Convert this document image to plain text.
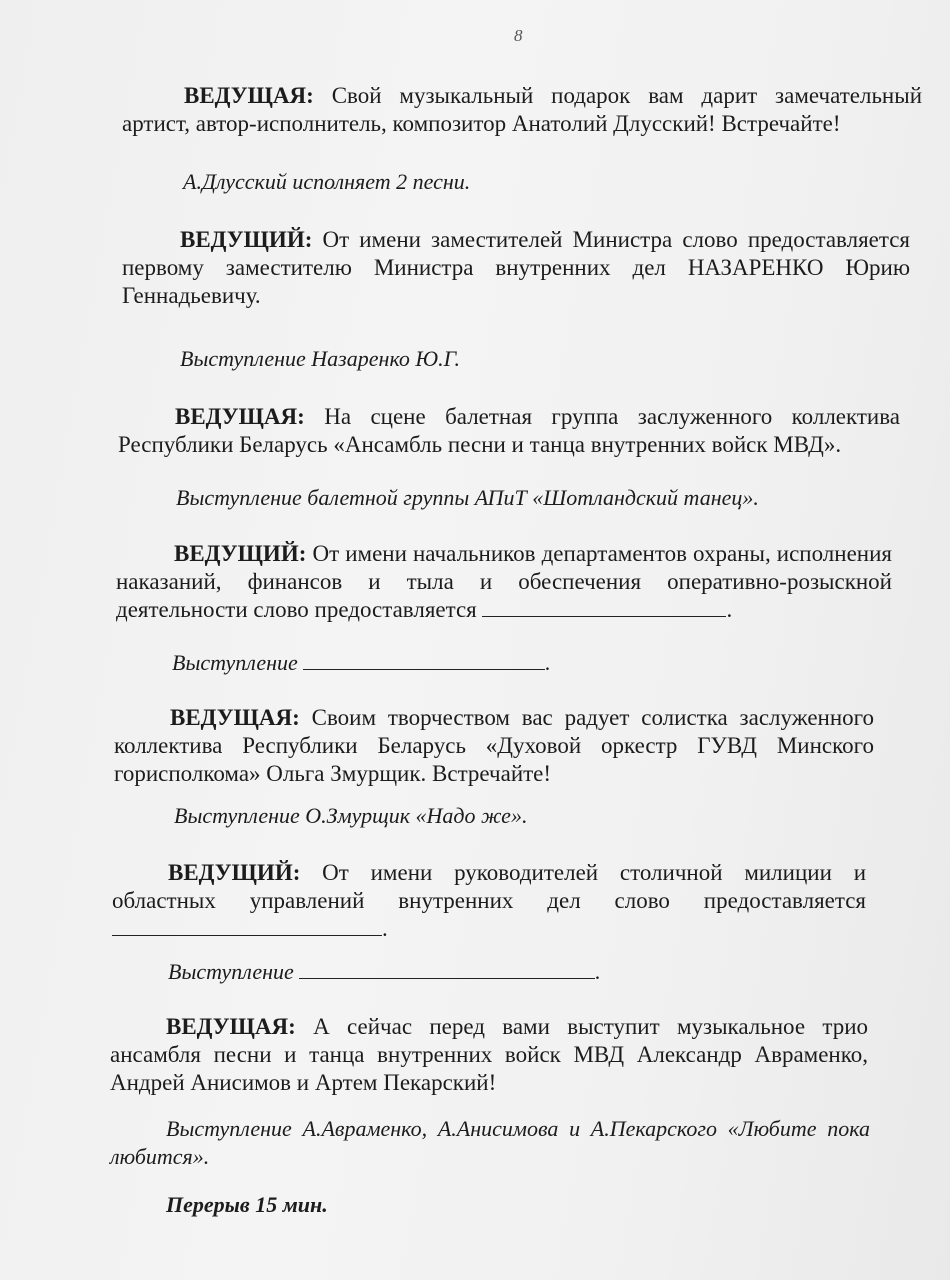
8
ВЕДУЩАЯ: Свой музыкальный подарок вам дарит замечательный артист, автор-исполнитель, композитор Анатолий Длусский! Встречайте!
А.Длусский исполняет 2 песни.
ВЕДУЩИЙ: От имени заместителей Министра слово предоставляется первому заместителю Министра внутренних дел НАЗАРЕНКО Юрию Геннадьевичу.
Выступление Назаренко Ю.Г.
ВЕДУЩАЯ: На сцене балетная группа заслуженного коллектива Республики Беларусь «Ансамбль песни и танца внутренних войск МВД».
Выступление балетной группы АПиТ «Шотландский танец».
ВЕДУЩИЙ: От имени начальников департаментов охраны, исполнения наказаний, финансов и тыла и обеспечения оперативно-розыскной деятельности слово предоставляется	.
Выступление	.
ВЕДУЩАЯ: Своим творчеством вас радует солистка заслуженного коллектива Республики Беларусь «Духовой оркестр ГУВД Минского горисполкома» Ольга Змурщик. Встречайте!
Выступление О.Змурщик «Надо же».
ВЕДУЩИЙ: От имени руководителей столичной милиции и областных управлений внутренних дел слово предоставляется .
Выступление	.
ВЕДУЩАЯ: А сейчас перед вами выступит музыкальное трио ансамбля песни и танца внутренних войск МВД Александр Авраменко, Андрей Анисимов и Артем Пекарский!
Выступление А.Авраменко, А.Анисимова и А.Пекарского «Любите пока любится».
Перерыв 15 мин.
